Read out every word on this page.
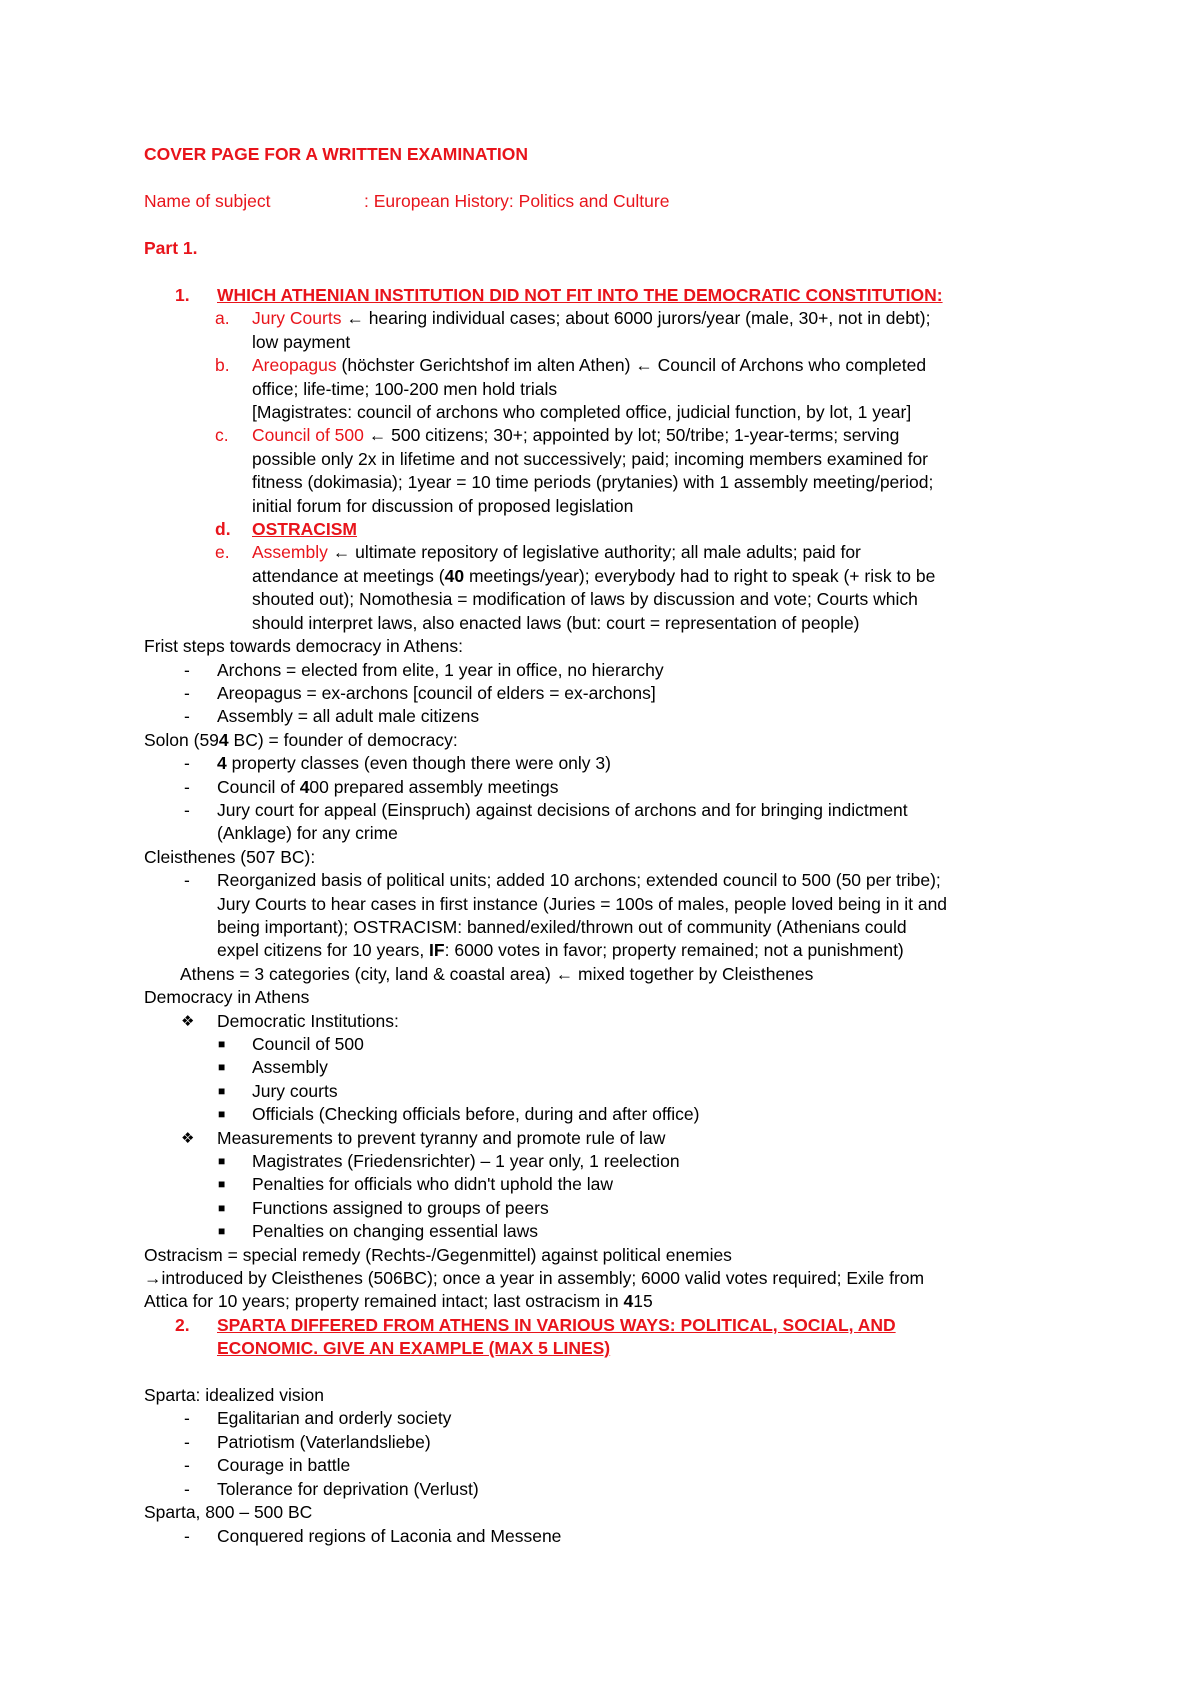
COVER PAGE FOR A WRITTEN EXAMINATION
Name of subject	: European History: Politics and Culture
Part 1.
1. WHICH ATHENIAN INSTITUTION DID NOT FIT INTO THE DEMOCRATIC CONSTITUTION:
a. Jury Courts ← hearing individual cases; about 6000 jurors/year (male, 30+, not in debt);
low payment
b. Areopagus (höchster Gerichtshof im alten Athen) ← Council of Archons who completed
office; life-time; 100-200 men hold trials
[Magistrates: council of archons who completed office, judicial function, by lot, 1 year]
c. Council of 500 ← 500 citizens; 30+; appointed by lot; 50/tribe; 1-year-terms; serving
possible only 2x in lifetime and not successively; paid; incoming members examined for
fitness (dokimasia); 1year = 10 time periods (prytanies) with 1 assembly meeting/period;
initial forum for discussion of proposed legislation
d. OSTRACISM
e. Assembly ← ultimate repository of legislative authority; all male adults; paid for
attendance at meetings (40 meetings/year); everybody had to right to speak (+ risk to be
shouted out); Nomothesia = modification of laws by discussion and vote; Courts which
should interpret laws, also enacted laws (but: court = representation of people)
Frist steps towards democracy in Athens:
- Archons = elected from elite, 1 year in office, no hierarchy
- Areopagus = ex-archons [council of elders = ex-archons]
- Assembly = all adult male citizens
Solon (594 BC) = founder of democracy:
- 4 property classes (even though there were only 3)
- Council of 400 prepared assembly meetings
- Jury court for appeal (Einspruch) against decisions of archons and for bringing indictment
(Anklage) for any crime
Cleisthenes (507 BC):
- Reorganized basis of political units; added 10 archons; extended council to 500 (50 per tribe);
Jury Courts to hear cases in first instance (Juries = 100s of males, people loved being in it and
being important); OSTRACISM: banned/exiled/thrown out of community (Athenians could
expel citizens for 10 years, IF: 6000 votes in favor; property remained; not a punishment)
Athens = 3 categories (city, land & coastal area) ← mixed together by Cleisthenes
Democracy in Athens
❖ Democratic Institutions:
■ Council of 500
■ Assembly
■ Jury courts
■ Officials (Checking officials before, during and after office)
❖ Measurements to prevent tyranny and promote rule of law
■ Magistrates (Friedensrichter) – 1 year only, 1 reelection
■ Penalties for officials who didn't uphold the law
■ Functions assigned to groups of peers
■ Penalties on changing essential laws
Ostracism = special remedy (Rechts-/Gegenmittel) against political enemies
→introduced by Cleisthenes (506BC); once a year in assembly; 6000 valid votes required; Exile from
Attica for 10 years; property remained intact; last ostracism in 415
2. SPARTA DIFFERED FROM ATHENS IN VARIOUS WAYS: POLITICAL, SOCIAL, AND
ECONOMIC. GIVE AN EXAMPLE (MAX 5 LINES)
Sparta: idealized vision
- Egalitarian and orderly society
- Patriotism (Vaterlandsliebe)
- Courage in battle
- Tolerance for deprivation (Verlust)
Sparta, 800 – 500 BC
- Conquered regions of Laconia and Messene
